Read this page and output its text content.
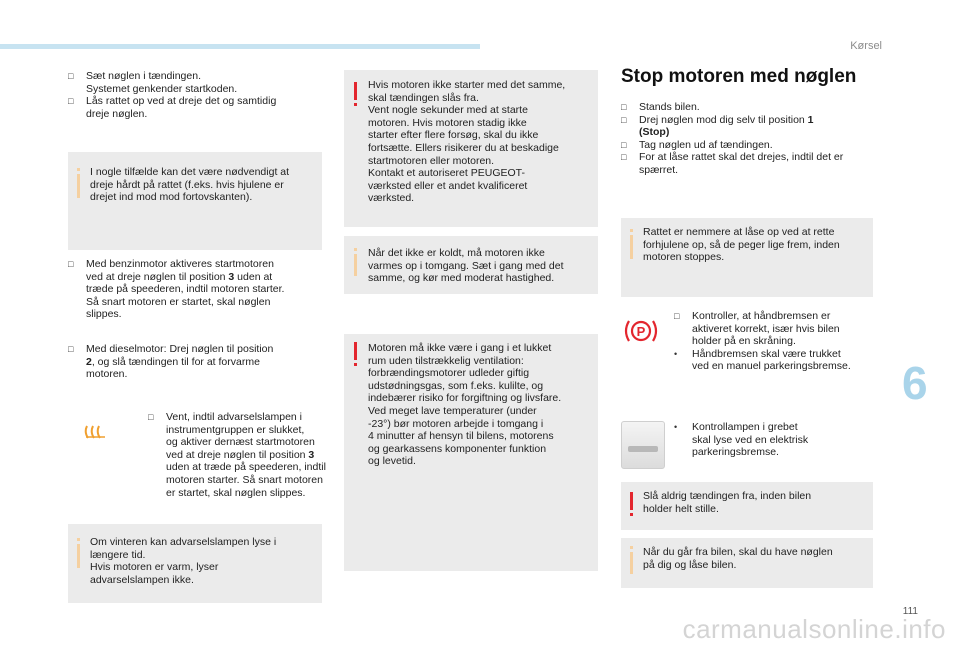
Kørsel
□	Sæt nøglen i tændingen.
Systemet genkender startkoden.
□	Lås rattet op ved at dreje det og samtidig
dreje nøglen.
I nogle tilfælde kan det være nødvendigt at
dreje hårdt på rattet (f.eks. hvis hjulene er
drejet ind mod mod fortovskanten).
□	Med benzinmotor aktiveres startmotoren
ved at dreje nøglen til position 3 uden at
træde på speederen, indtil motoren starter.
Så snart motoren er startet, skal nøglen
slippes.
□	Med dieselmotor: Drej nøglen til position
2, og slå tændingen til for at forvarme
motoren.
□	Vent, indtil advarselslampen i
instrumentgruppen er slukket,
og aktiver dernæst startmotoren
ved at dreje nøglen til position 3
uden at træde på speederen, indtil
motoren starter. Så snart motoren
er startet, skal nøglen slippes.
Om vinteren kan advarselslampen lyse i
længere tid.
Hvis motoren er varm, lyser
advarselslampen ikke.
Hvis motoren ikke starter med det samme,
skal tændingen slås fra.
Vent nogle sekunder med at starte
motoren. Hvis motoren stadig ikke
starter efter flere forsøg, skal du ikke
fortsætte. Ellers risikerer du at beskadige
startmotoren eller motoren.
Kontakt et autoriseret PEUGEOT-
værksted eller et andet kvalificeret
værksted.
Når det ikke er koldt, må motoren ikke
varmes op i tomgang. Sæt i gang med det
samme, og kør med moderat hastighed.
Motoren må ikke være i gang i et lukket
rum uden tilstrækkelig ventilation:
forbrændingsmotorer udleder giftig
udstødningsgas, som f.eks. kulilte, og
indebærer risiko for forgiftning og livsfare.
Ved meget lave temperaturer (under
-23°) bør motoren arbejde i tomgang i
4 minutter af hensyn til bilens, motorens
og gearkassens komponenter funktion
og levetid.
Stop motoren med nøglen
□	Stands bilen.
□	Drej nøglen mod dig selv til position 1
(Stop)
□	Tag nøglen ud af tændingen.
□	For at låse rattet skal det drejes, indtil det er
spærret.
Rattet er nemmere at låse op ved at rette
forhjulene op, så de peger lige frem, inden
motoren stoppes.
P
□	Kontroller, at håndbremsen er
aktiveret korrekt, især hvis bilen
holder på en skråning.
•	Håndbremsen skal være trukket
ved en manuel parkeringsbremse.
•	Kontrollampen i grebet
skal lyse ved en elektrisk
parkeringsbremse.
Slå aldrig tændingen fra, inden bilen
holder helt stille.
Når du går fra bilen, skal du have nøglen
på dig og låse bilen.
6
111
carmanualsonline.info
